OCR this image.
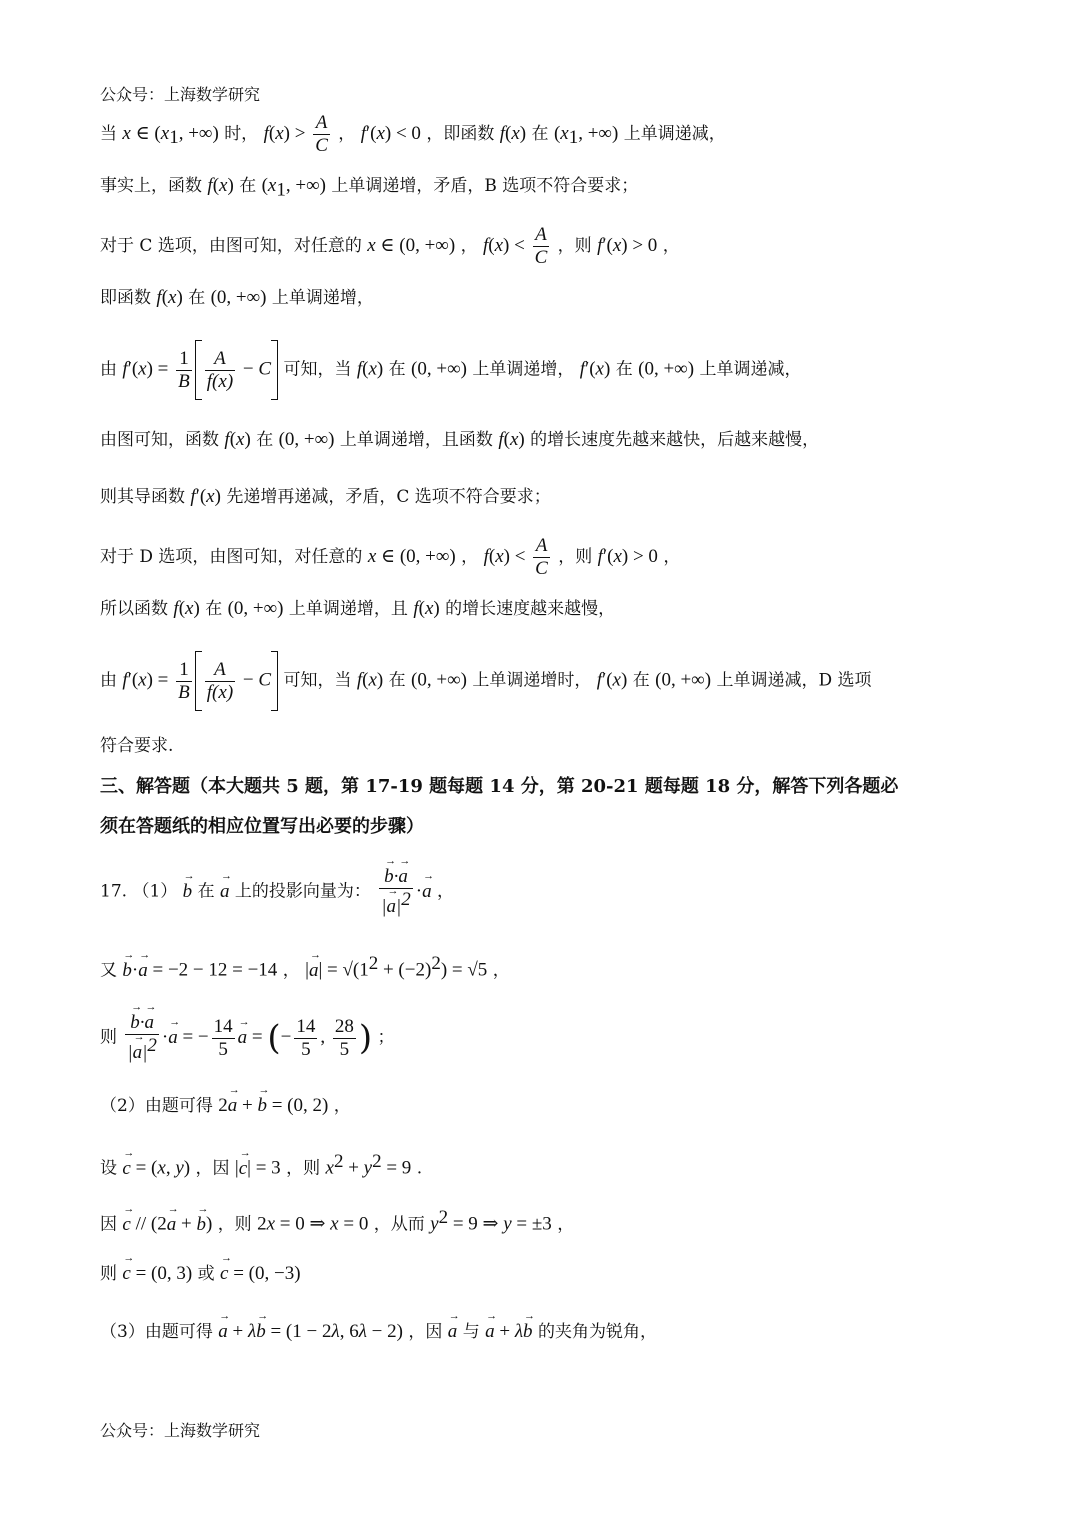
公众号：上海数学研究
当 x ∈ ($x_1$, +∞) 时， $f(x) > \frac{A}{C}$ ， f′(x) < 0 ，即函数 f(x) 在 ($x_1$, +∞) 上单调递减，
事实上，函数 f(x) 在 ($x_1$, +∞) 上单调递增，矛盾，B 选项不符合要求；
对于 C 选项，由图可知，对任意的 x ∈ (0, +∞) ， $f(x) < \frac{A}{C}$ ，则 f′(x) > 0 ，
即函数 f(x) 在 (0, +∞) 上单调递增，
由 $f'(x) = \frac{1}{B} \frac{A}{f(x)} - C$ 可知，当 f(x) 在 (0, +∞) 上单调递增， f′(x) 在 (0, +∞) 上单调递减，
由图可知，函数 f(x) 在 (0, +∞) 上单调递增，且函数 f(x) 的增长速度先越来越快，后越来越慢，
则其导函数 f′(x) 先递增再递减，矛盾，C 选项不符合要求；
对于 D 选项，由图可知，对任意的 x ∈ (0, +∞) ， $f(x) < \frac{A}{C}$ ，则 f′(x) > 0 ，
所以函数 f(x) 在 (0, +∞) 上单调递增，且 f(x) 的增长速度越来越慢，
由 $f'(x) = \frac{1}{B} \frac{A}{f(x)} - C$ 可知，当 f(x) 在 (0, +∞) 上单调递增时， f′(x) 在 (0, +∞) 上单调递减，D 选项
符合要求.
三、解答题（本大题共 5 题，第 17-19 题每题 14 分，第 20-21 题每题 18 分，解答下列各题必
须在答题纸的相应位置写出必要的步骤）
17. （1） → b 在 → a 上的投影向量为：
→ $\frac{b\cdot\to a}{|\to a|^2} \cdot\to a$ ，
又 → b·→ a = −2 − 12 = −14 ， |→ $a| = √(1^2 + (-2)^2) = √5$ ，
则
→ $\frac{b\cdot\to a}{|\to a|^2} \cdot\to a$ = − $\frac{14}{5}$
→ a = (− $\frac{14}{5}$ , $\frac{28}{5}$ ) ；
（2）由题可得 2→ a + → b = (0, 2) ，
设 → c = (x, y) ，因 |→ c| = 3 ，则 $x^2 + y^2 = 9$ .
因 → c // (2→ a + → b) ，则 2x = 0 ⇒ x = 0 ，从而 $y^2 = 9$ ⇒ y = ±3 ，
则 → c = (0, 3) 或 → c = (0, −3)
（3）由题可得 → a + λ→ b = (1 − 2λ, 6λ − 2) ，因 → a 与 → a + λ→ b 的夹角为锐角，
公众号：上海数学研究
